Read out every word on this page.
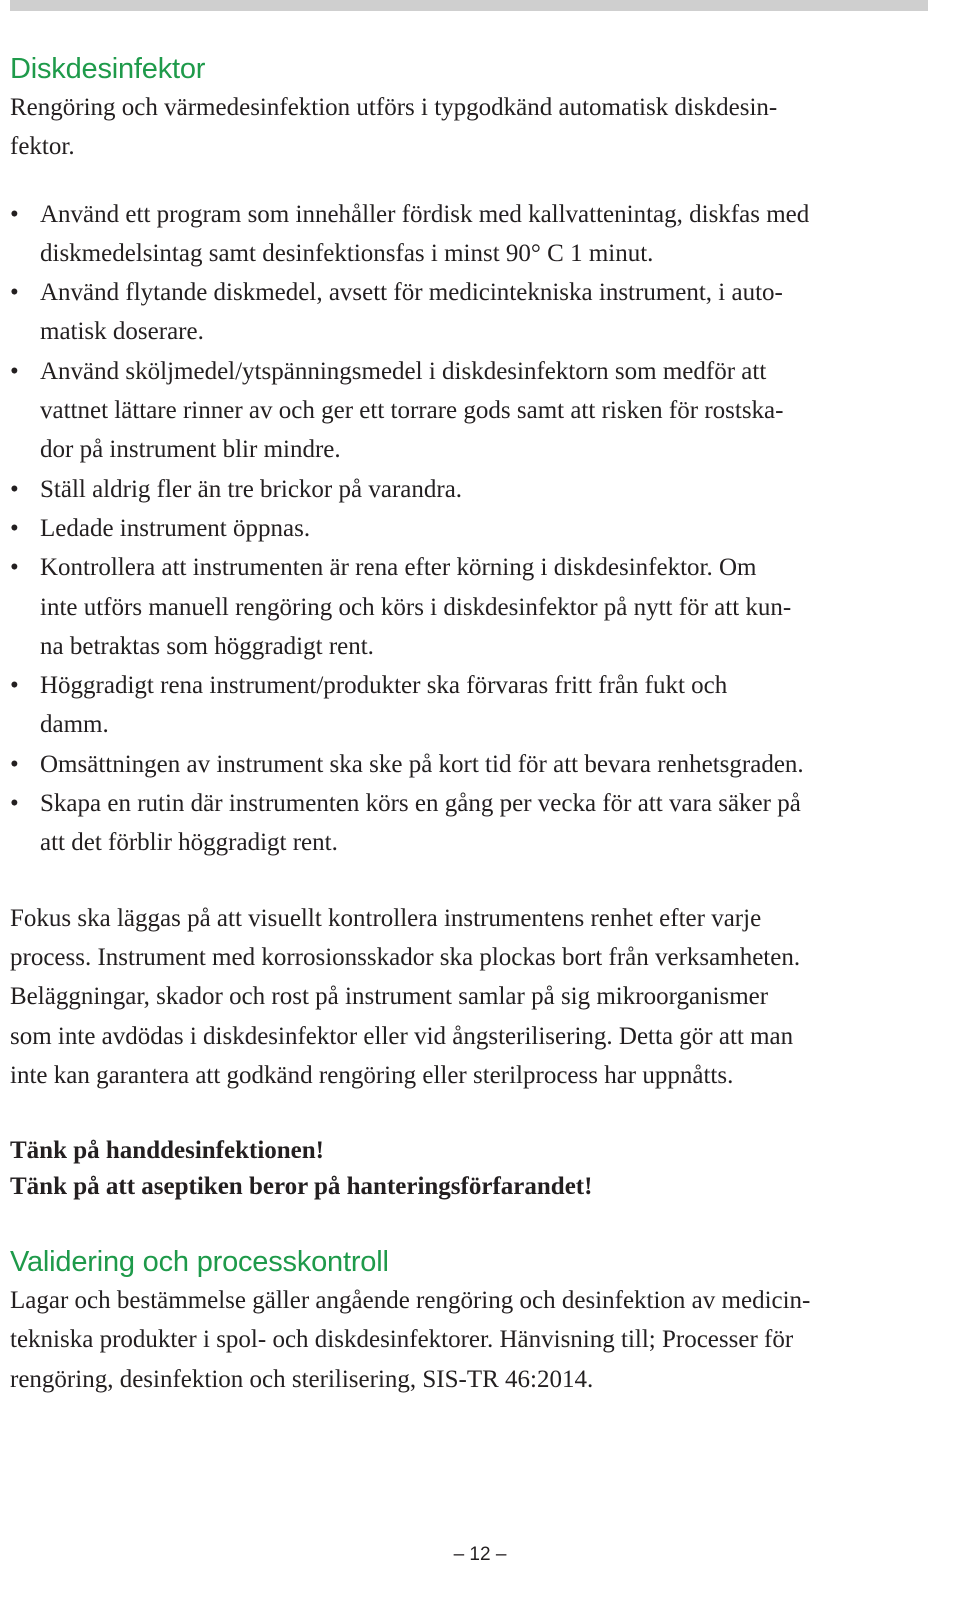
Diskdesinfektor

Rengöring och värmedesinfektion utförs i typgodkänd automatisk diskdesin-
fektor.

• Använd ett program som innehåller fördisk med kallvattenintag, diskfas med
diskmedelsintag samt desinfektionsfas i minst 90° C 1 minut.
• Använd flytande diskmedel, avsett för medicintekniska instrument, i auto-
matisk doserare.
• Använd sköljmedel/ytspänningsmedel i diskdesinfektorn som medför att
vattnet lättare rinner av och ger ett torrare gods samt att risken för rostska-
dor på instrument blir mindre.
• Ställ aldrig fler än tre brickor på varandra.
• Ledade instrument öppnas.
• Kontrollera att instrumenten är rena efter körning i diskdesinfektor. Om
inte utförs manuell rengöring och körs i diskdesinfektor på nytt för att kun-
na betraktas som höggradigt rent.
• Höggradigt rena instrument/produkter ska förvaras fritt från fukt och
damm.
• Omsättningen av instrument ska ske på kort tid för att bevara renhetsgraden.
• Skapa en rutin där instrumenten körs en gång per vecka för att vara säker på
att det förblir höggradigt rent.

Fokus ska läggas på att visuellt kontrollera instrumentens renhet efter varje
process. Instrument med korrosionsskador ska plockas bort från verksamheten.
Beläggningar, skador och rost på instrument samlar på sig mikroorganismer
som inte avdödas i diskdesinfektor eller vid ångsterilisering. Detta gör att man
inte kan garantera att godkänd rengöring eller sterilprocess har uppnåtts.

Tänk på handdesinfektionen!

Tänk på att aseptiken beror på hanteringsförfarandet!

Validering och processkontroll

Lagar och bestämmelse gäller angående rengöring och desinfektion av medicin-
tekniska produkter i spol- och diskdesinfektorer. Hänvisning till; Processer för
rengöring, desinfektion och sterilisering, SIS-TR 46:2014.

– 12 –
